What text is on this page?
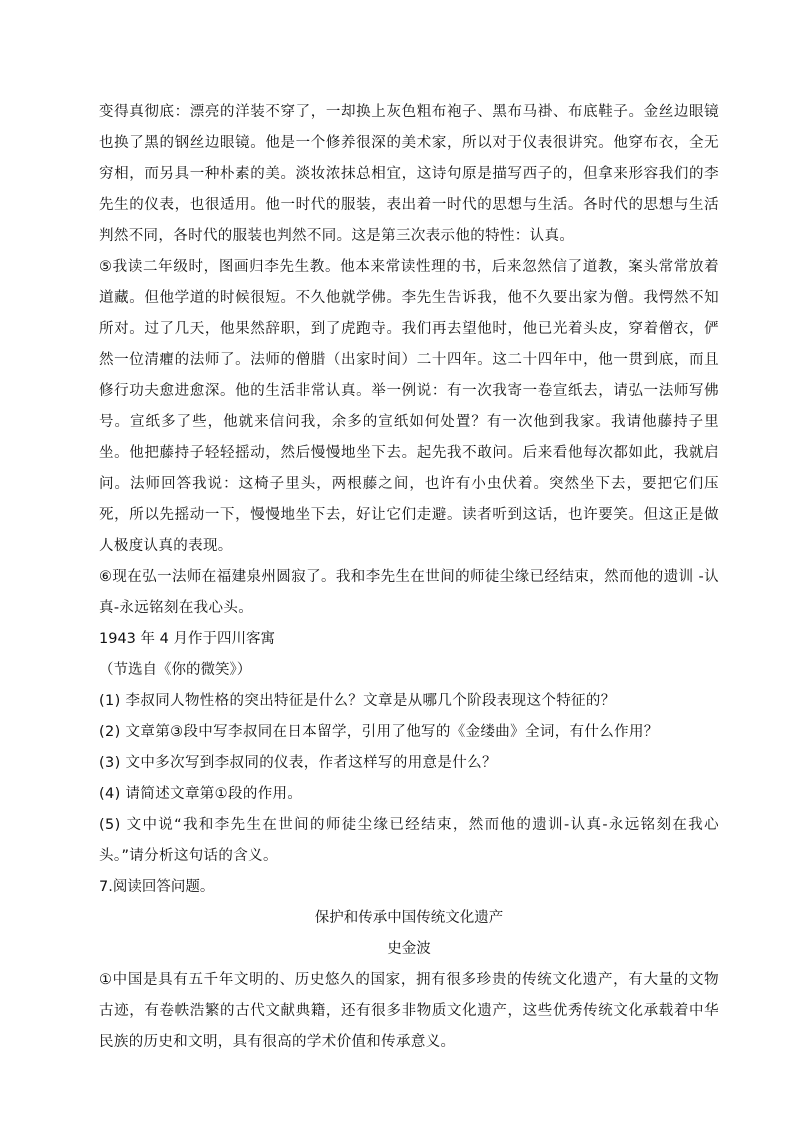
变得真彻底：漂亮的洋装不穿了，一却换上灰色粗布袍子、黑布马褂、布底鞋子。金丝边眼镜也换了黑的钢丝边眼镜。他是一个修养很深的美术家，所以对于仪表很讲究。他穿布衣，全无穷相，而另具一种朴素的美。淡妆浓抹总相宜，这诗句原是描写西子的，但拿来形容我们的李先生的仪表，也很适用。他一时代的服装，表出着一时代的思想与生活。各时代的思想与生活判然不同，各时代的服装也判然不同。这是第三次表示他的特性：认真。

⑤我读二年级时，图画归李先生教。他本来常读性理的书，后来忽然信了道教，案头常常放着道藏。但他学道的时候很短。不久他就学佛。李先生告诉我，他不久要出家为僧。我愕然不知所对。过了几天，他果然辞职，到了虎跑寺。我们再去望他时，他已光着头皮，穿着僧衣，俨然一位清癯的法师了。法师的僧腊（出家时间）二十四年。这二十四年中，他一贯到底，而且修行功夫愈进愈深。他的生活非常认真。举一例说：有一次我寄一卷宣纸去，请弘一法师写佛号。宣纸多了些，他就来信问我，余多的宣纸如何处置？有一次他到我家。我请他藤持子里坐。他把藤持子轻轻摇动，然后慢慢地坐下去。起先我不敢问。后来看他每次都如此，我就启问。法师回答我说：这椅子里头，两根藤之间，也许有小虫伏着。突然坐下去，要把它们压死，所以先摇动一下，慢慢地坐下去，好让它们走避。读者听到这话，也许要笑。但这正是做人极度认真的表现。

⑥现在弘一法师在福建泉州圆寂了。我和李先生在世间的师徒尘缘已经结束，然而他的遗训 -认真-永远铭刻在我心头。

1943 年 4 月作于四川客寓

（节选自《你的微笑》）

(1) 李叔同人物性格的突出特征是什么？文章是从哪几个阶段表现这个特征的？

(2) 文章第③段中写李叔同在日本留学，引用了他写的《金缕曲》全词，有什么作用？

(3) 文中多次写到李叔同的仪表，作者这样写的用意是什么？

(4) 请简述文章第①段的作用。

(5) 文中说“我和李先生在世间的师徒尘缘已经结束，然而他的遗训-认真-永远铭刻在我心头。”请分析这句话的含义。

7.阅读回答问题。

保护和传承中国传统文化遗产

史金波

①中国是具有五千年文明的、历史悠久的国家，拥有很多珍贵的传统文化遗产，有大量的文物古迹，有卷帙浩繁的古代文献典籍，还有很多非物质文化遗产，这些优秀传统文化承载着中华民族的历史和文明，具有很高的学术价值和传承意义。
